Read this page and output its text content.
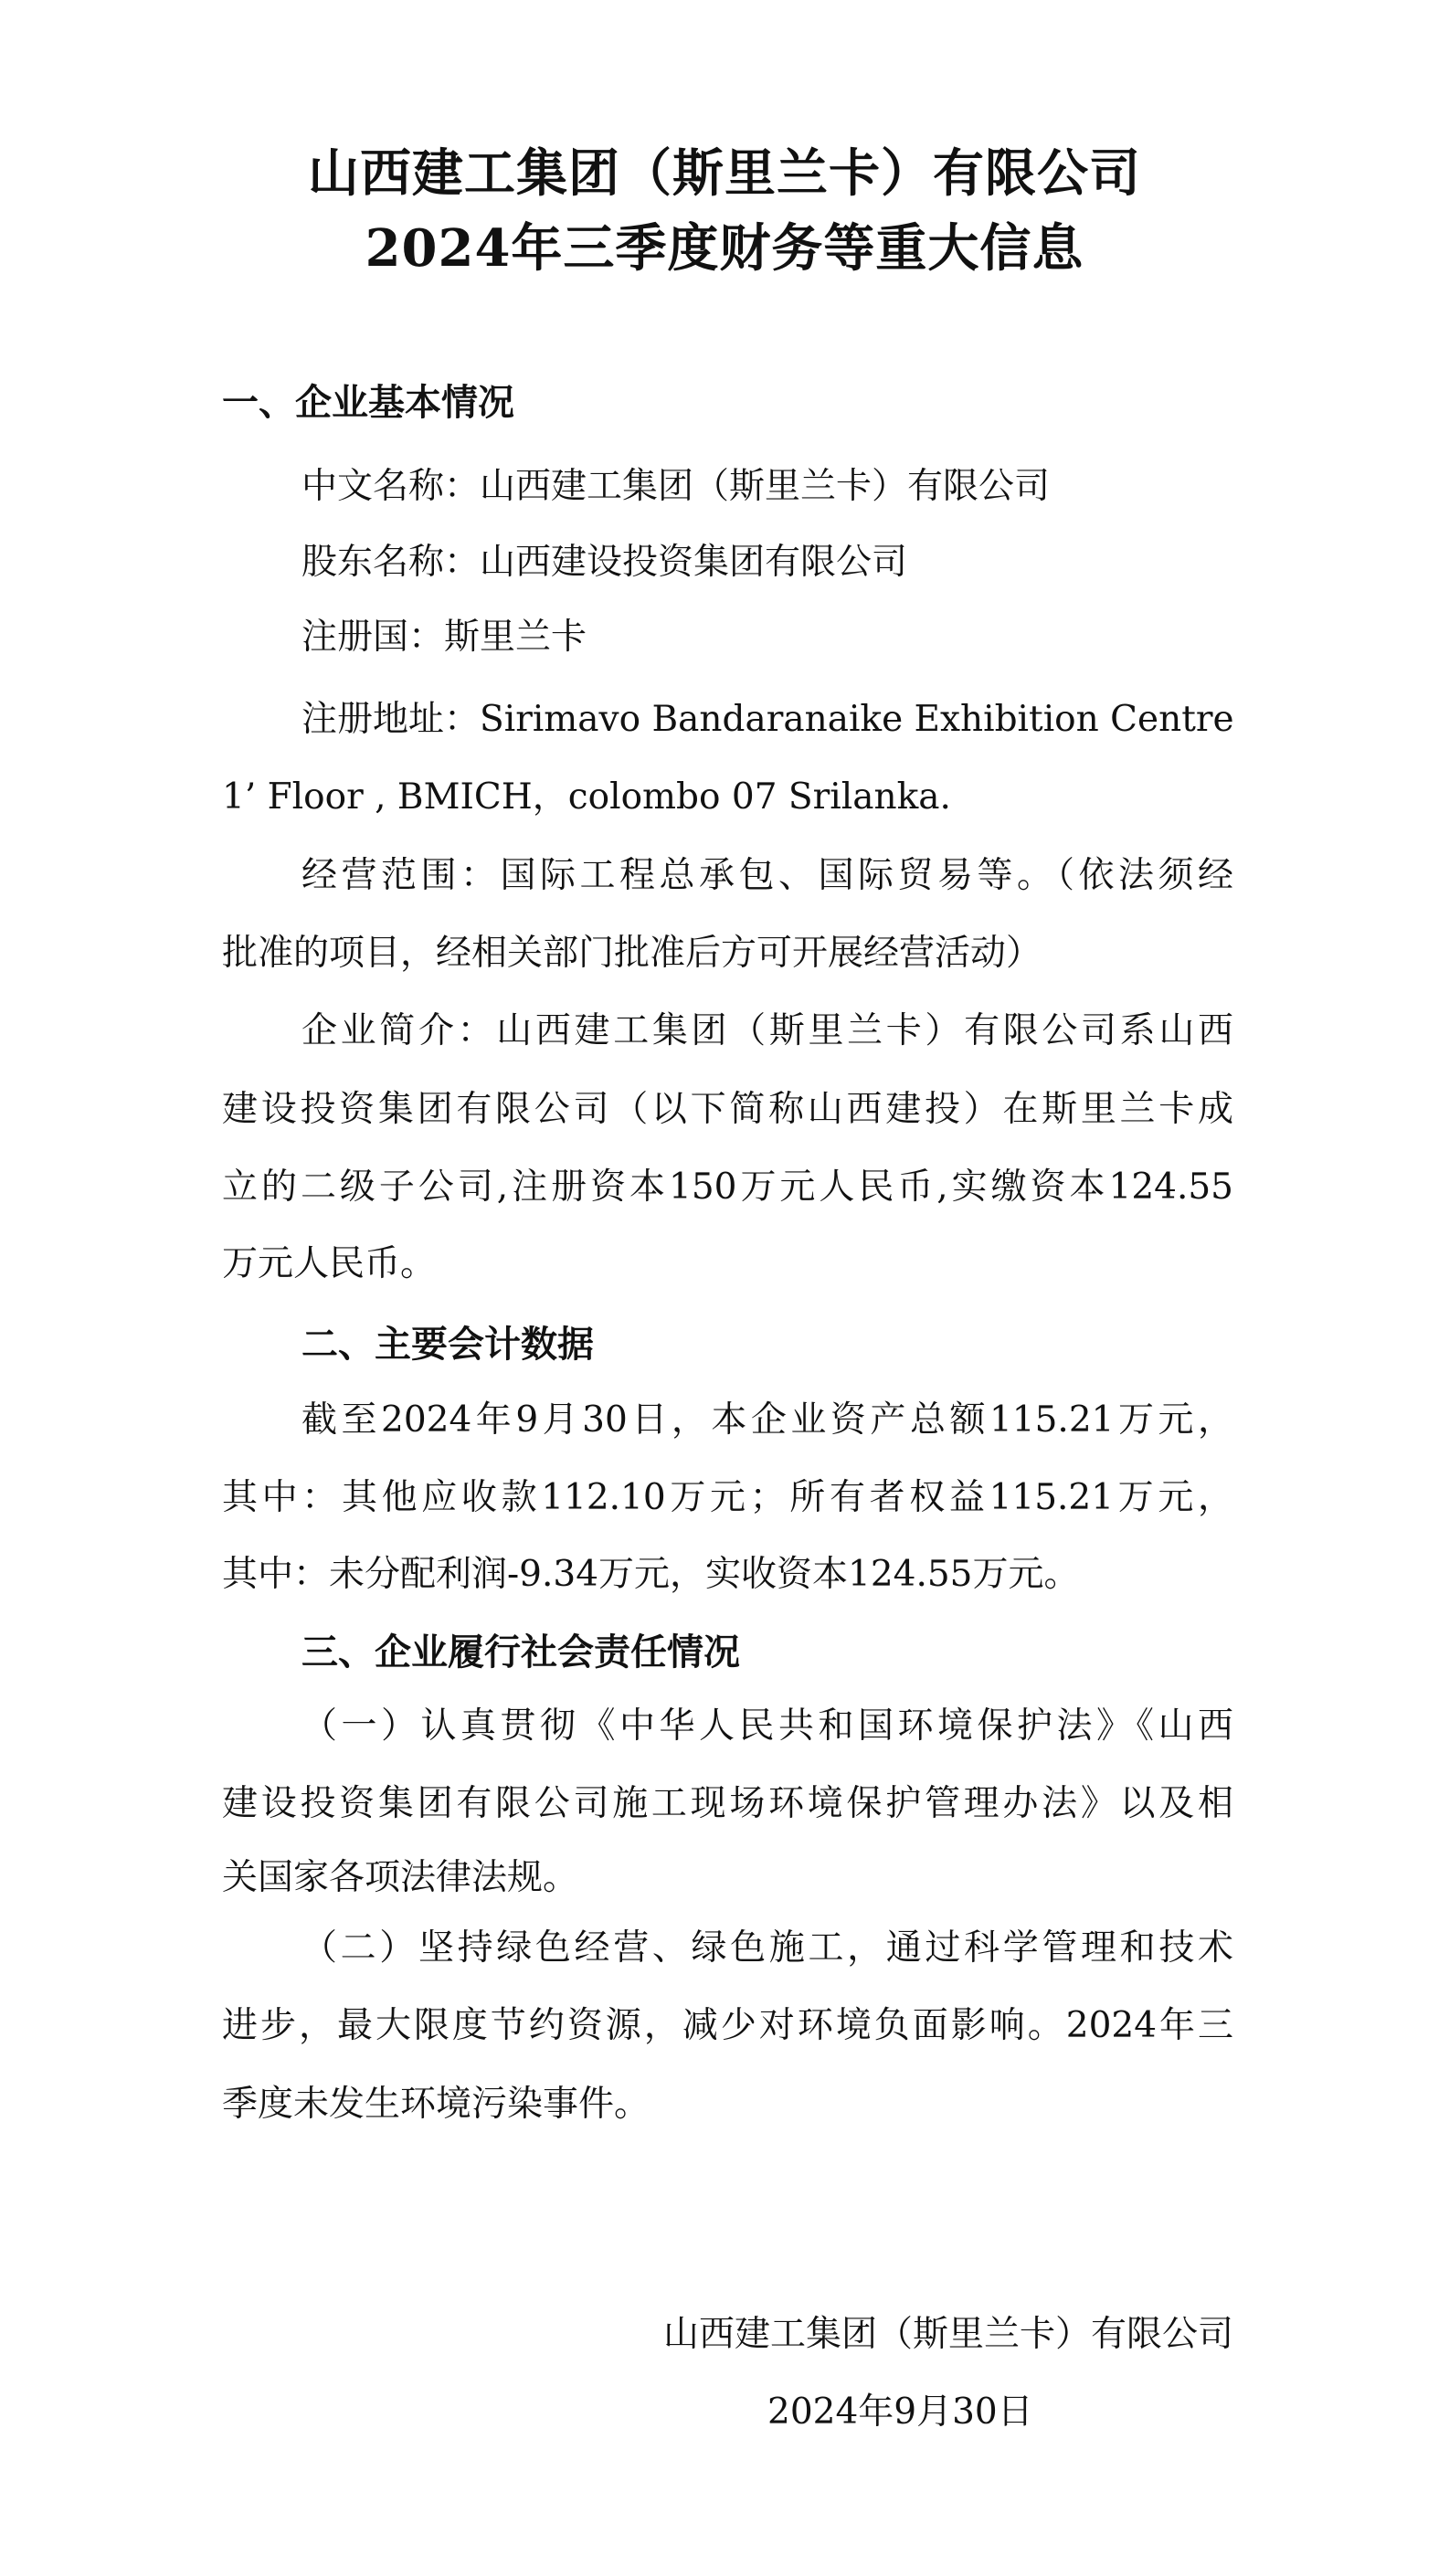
山西建工集团（斯里兰卡）有限公司
2024年三季度财务等重大信息
一、企业基本情况
中文名称：山西建工集团（斯里兰卡）有限公司
股东名称：山西建设投资集团有限公司
注册国：斯里兰卡
注册地址：Sirimavo Bandaranaike Exhibition Centre
1’ Floor , BMICH，colombo 07 Srilanka.
经营范围：国际工程总承包、国际贸易等。（依法须经
批准的项目，经相关部门批准后方可开展经营活动）
企业简介：山西建工集团（斯里兰卡）有限公司系山西
建设投资集团有限公司（以下简称山西建投）在斯里兰卡成
立的二级子公司,注册资本150万元人民币,实缴资本124.55
万元人民币。
二、主要会计数据
截至2024年9月30日，本企业资产总额115.21万元，
其中：其他应收款112.10万元；所有者权益115.21万元，
其中：未分配利润-9.34万元，实收资本124.55万元。
三、企业履行社会责任情况
（一）认真贯彻《中华人民共和国环境保护法》《山西
建设投资集团有限公司施工现场环境保护管理办法》以及相
关国家各项法律法规。
（二）坚持绿色经营、绿色施工，通过科学管理和技术
进步，最大限度节约资源，减少对环境负面影响。2024年三
季度未发生环境污染事件。
山西建工集团（斯里兰卡）有限公司
2024年9月30日
